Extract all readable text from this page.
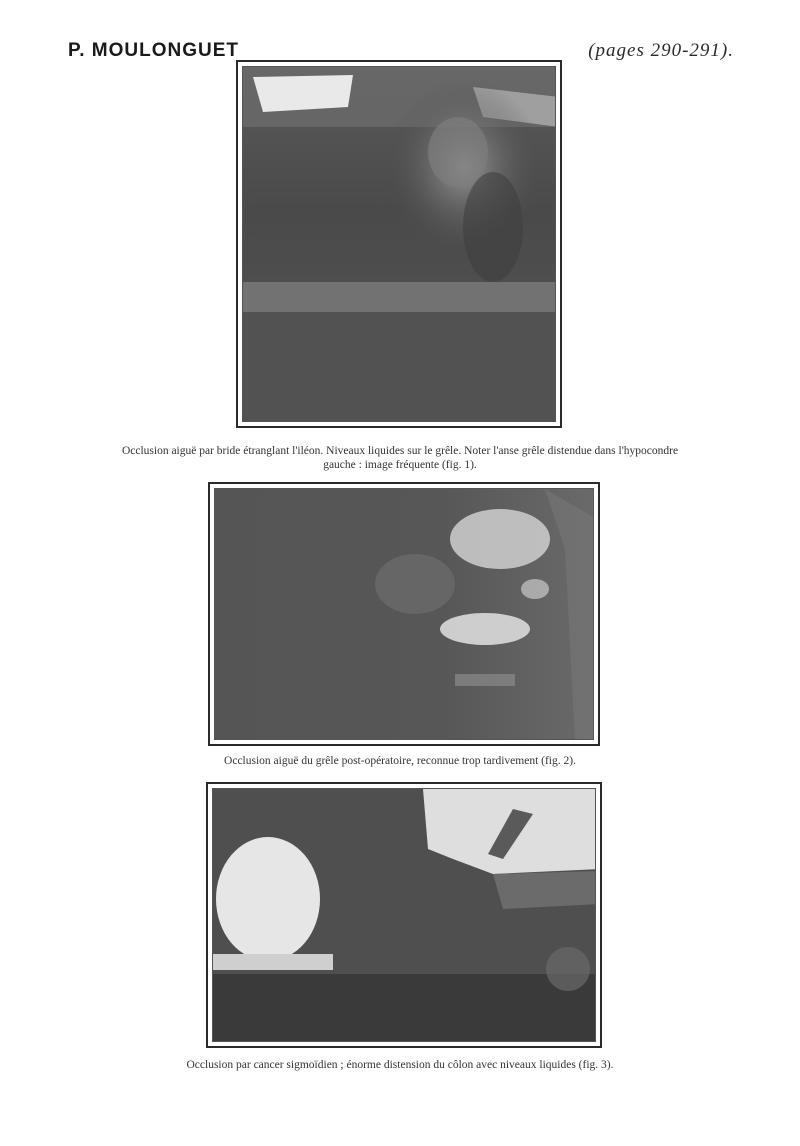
P. MOULONGUET	(pages 290-291).
Occlusion aiguë par bride étranglant l'iléon. Niveaux liquides sur le grêle. Noter l'anse grêle distendue dans l'hypocondre
gauche : image fréquente (fig. 1).
Occlusion aiguë du grêle post-opératoire, reconnue trop tardivement (fig. 2).
Occlusion par cancer sigmoïdien ; énorme distension du côlon avec niveaux liquides (fig. 3).
